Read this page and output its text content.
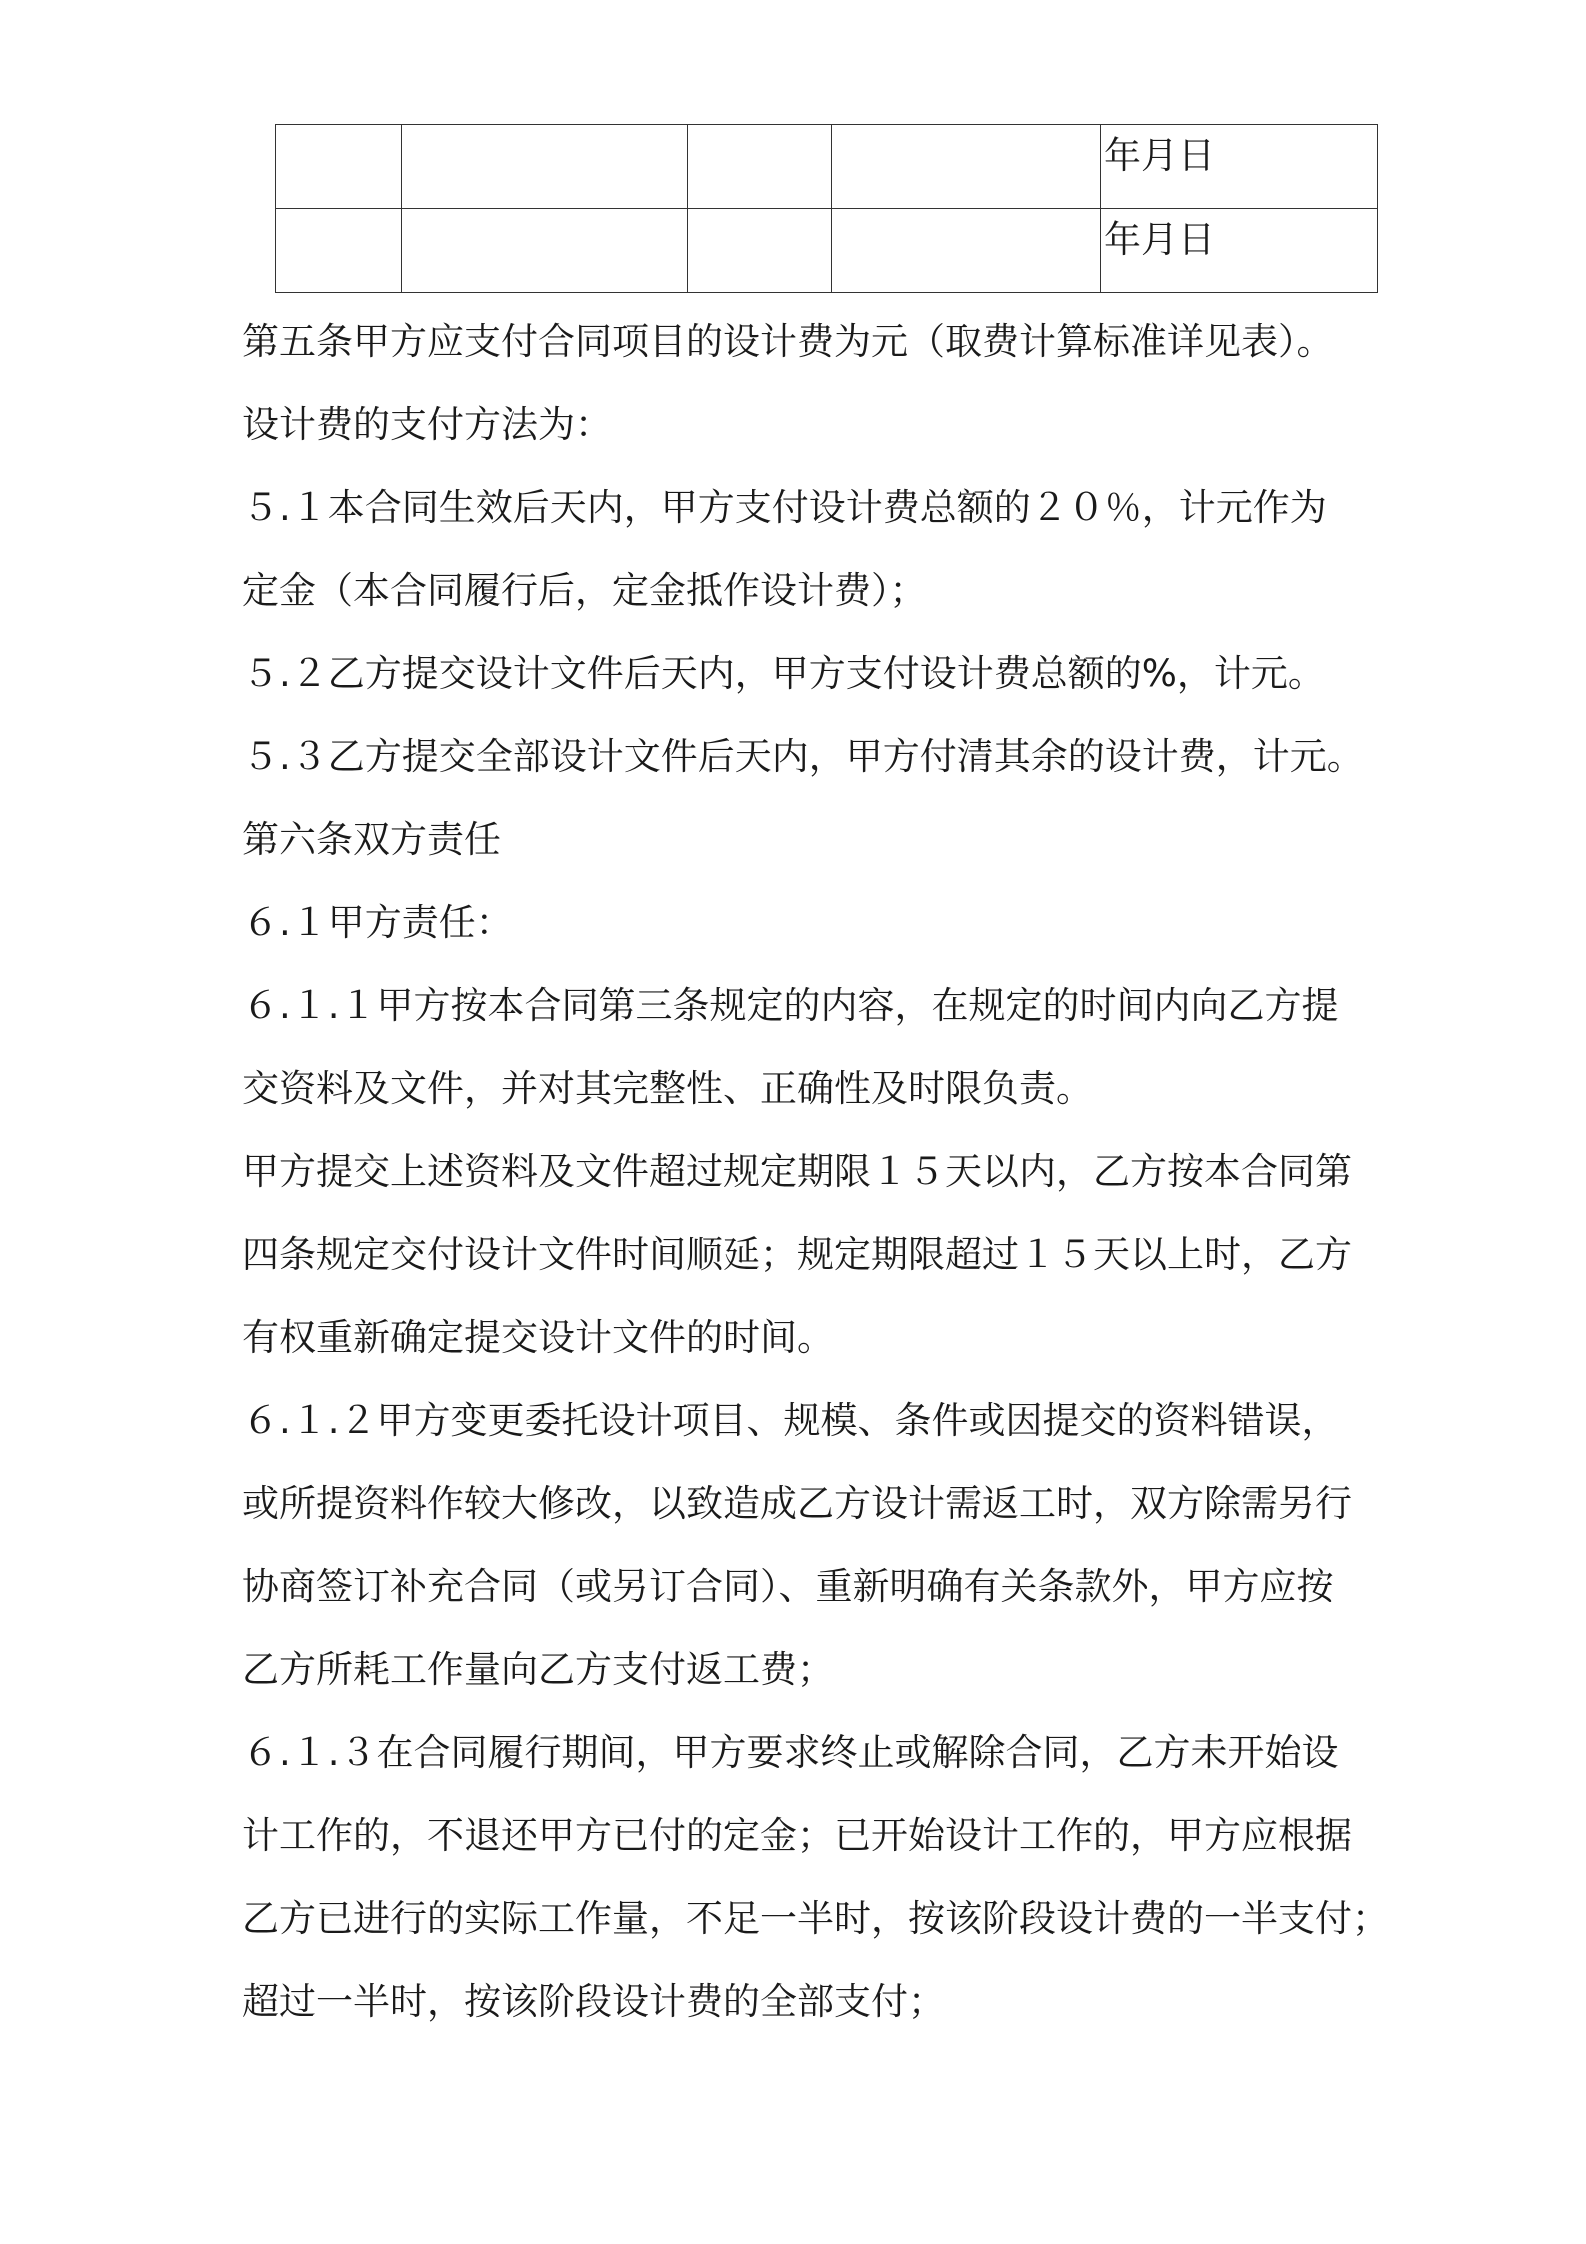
				年月日
				年月日

第五条甲方应支付合同项目的设计费为元（取费计算标准详见表）。

设计费的支付方法为：

５.１本合同生效后天内，甲方支付设计费总额的２０％，计元作为

定金（本合同履行后，定金抵作设计费）；

５.２乙方提交设计文件后天内，甲方支付设计费总额的%，计元。

５.３乙方提交全部设计文件后天内，甲方付清其余的设计费，计元。

第六条双方责任

６.１甲方责任：

６.１.１甲方按本合同第三条规定的内容，在规定的时间内向乙方提

交资料及文件，并对其完整性、正确性及时限负责。

甲方提交上述资料及文件超过规定期限１５天以内，乙方按本合同第

四条规定交付设计文件时间顺延；规定期限超过１５天以上时，乙方

有权重新确定提交设计文件的时间。

６.１.２甲方变更委托设计项目、规模、条件或因提交的资料错误，

或所提资料作较大修改，以致造成乙方设计需返工时，双方除需另行

协商签订补充合同（或另订合同）、重新明确有关条款外，甲方应按

乙方所耗工作量向乙方支付返工费；

６.１.３在合同履行期间，甲方要求终止或解除合同，乙方未开始设

计工作的，不退还甲方已付的定金；已开始设计工作的，甲方应根据

乙方已进行的实际工作量，不足一半时，按该阶段设计费的一半支付；

超过一半时，按该阶段设计费的全部支付；
